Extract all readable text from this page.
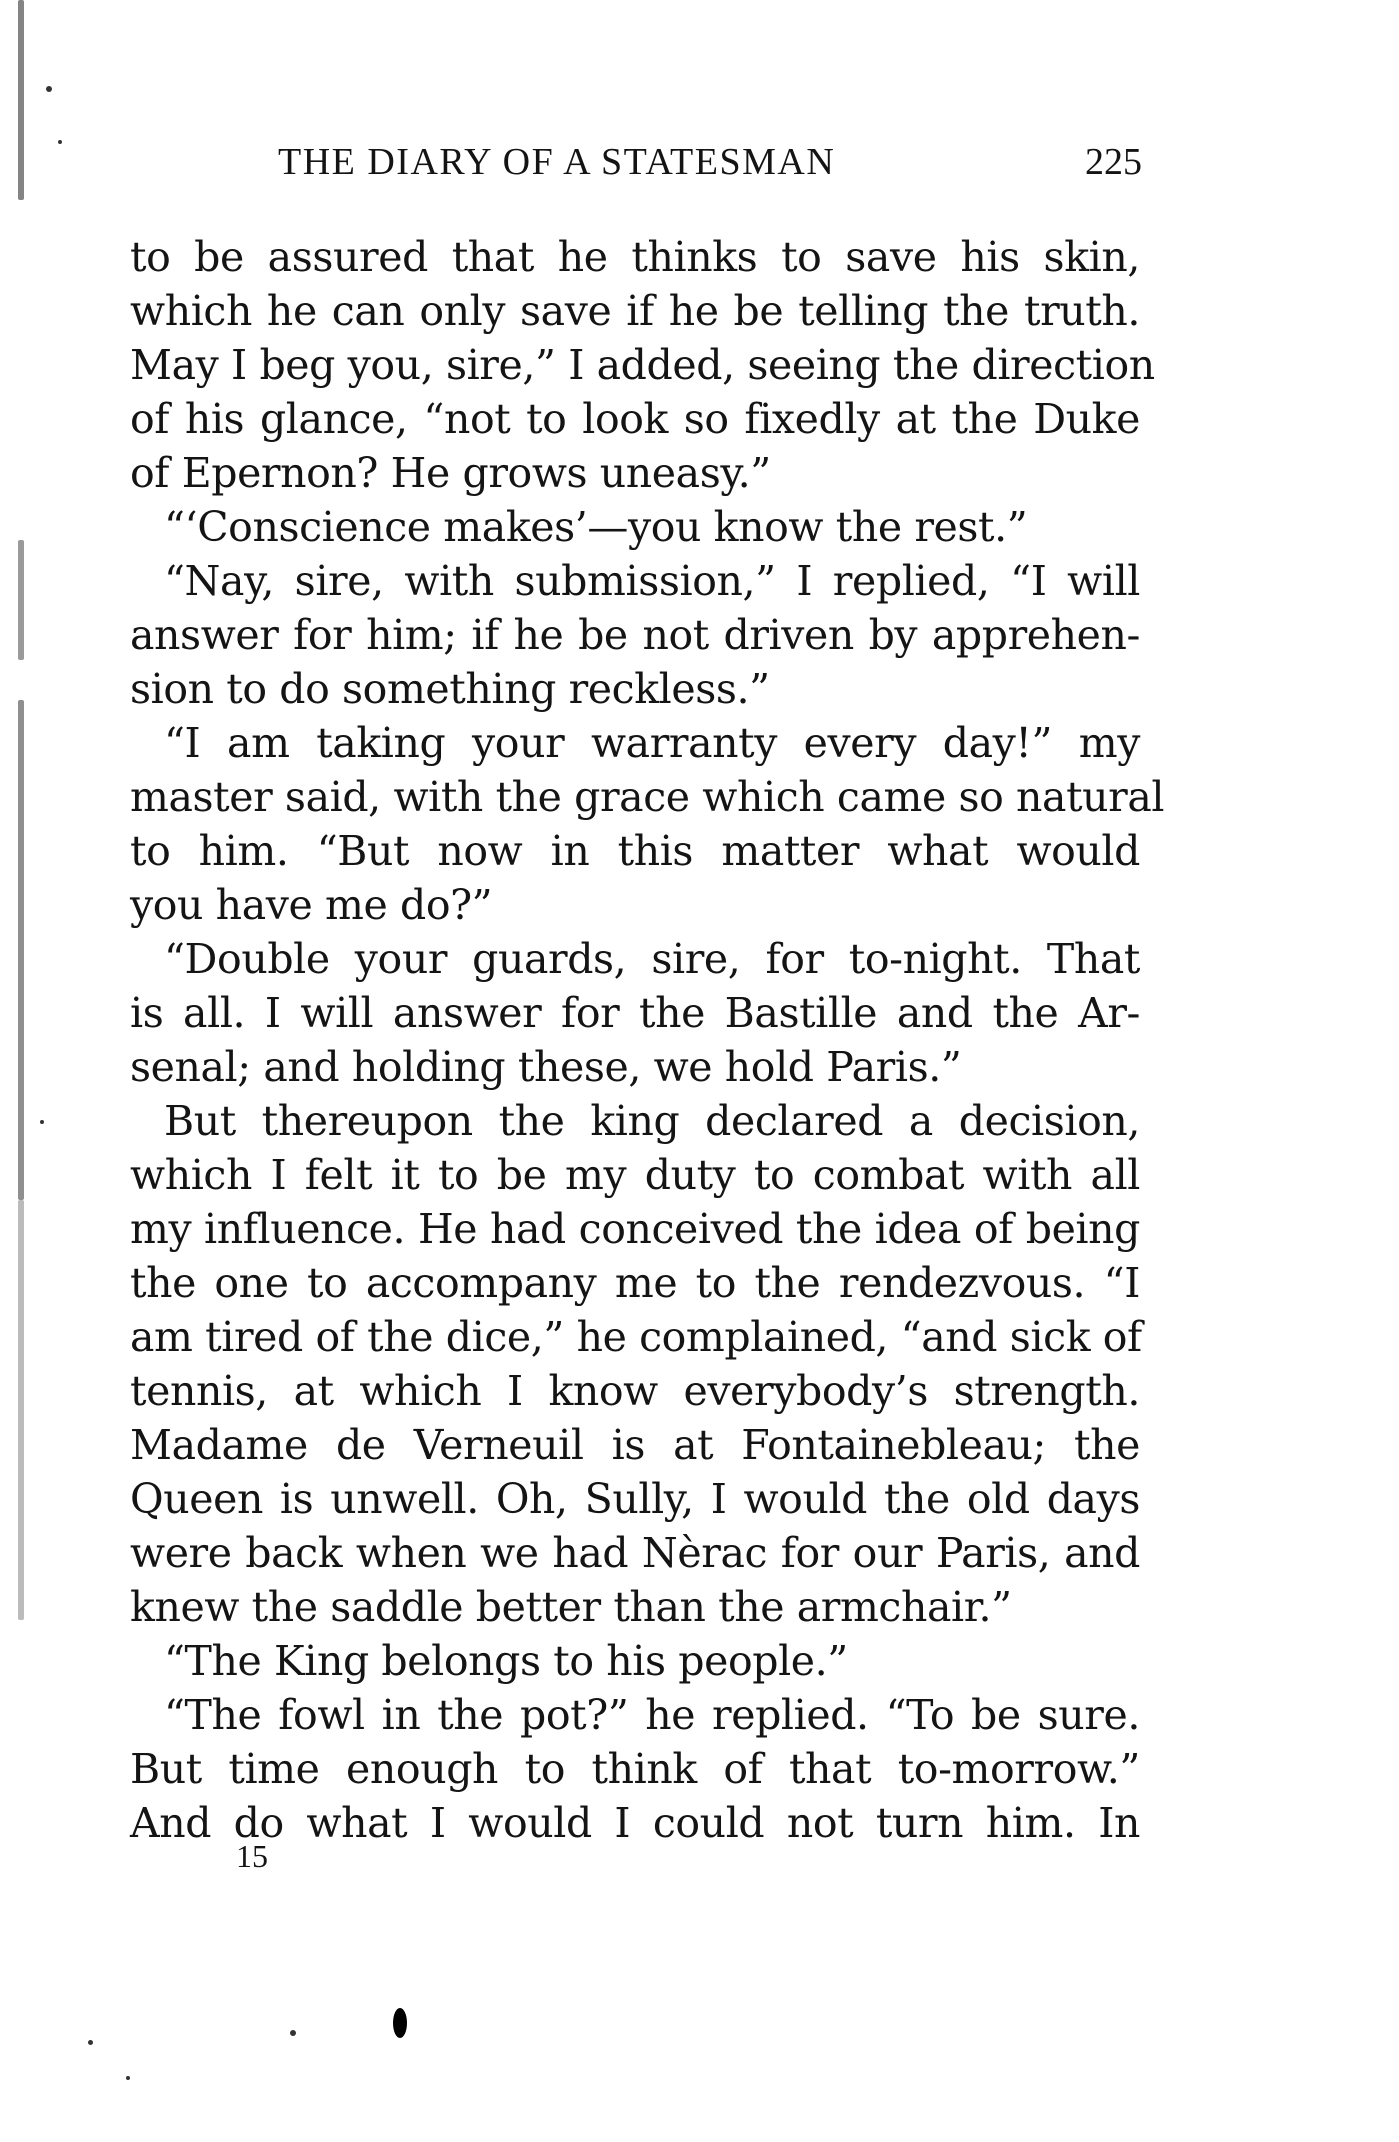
THE DIARY OF A STATESMAN	225
to be assured that he thinks to save his skin,
which he can only save if he be telling the truth.
May I beg you, sire,” I added, seeing the direction
of his glance, “not to look so fixedly at the Duke
of Epernon? He grows uneasy.”
“‘Conscience makes’—you know the rest.”
“Nay, sire, with submission,” I replied, “I will
answer for him; if he be not driven by apprehen-
sion to do something reckless.”
“I am taking your warranty every day!” my
master said, with the grace which came so natural
to him. “But now in this matter what would
you have me do?”
“Double your guards, sire, for to-night. That
is all. I will answer for the Bastille and the Ar-
senal; and holding these, we hold Paris.”
But thereupon the king declared a decision,
which I felt it to be my duty to combat with all
my influence. He had conceived the idea of being
the one to accompany me to the rendezvous. “I
am tired of the dice,” he complained, “and sick of
tennis, at which I know everybody’s strength.
Madame de Verneuil is at Fontainebleau; the
Queen is unwell. Oh, Sully, I would the old days
were back when we had Nèrac for our Paris, and
knew the saddle better than the armchair.”
“The King belongs to his people.”
“The fowl in the pot?” he replied. “To be sure.
But time enough to think of that to-morrow.”
And do what I would I could not turn him. In
15
